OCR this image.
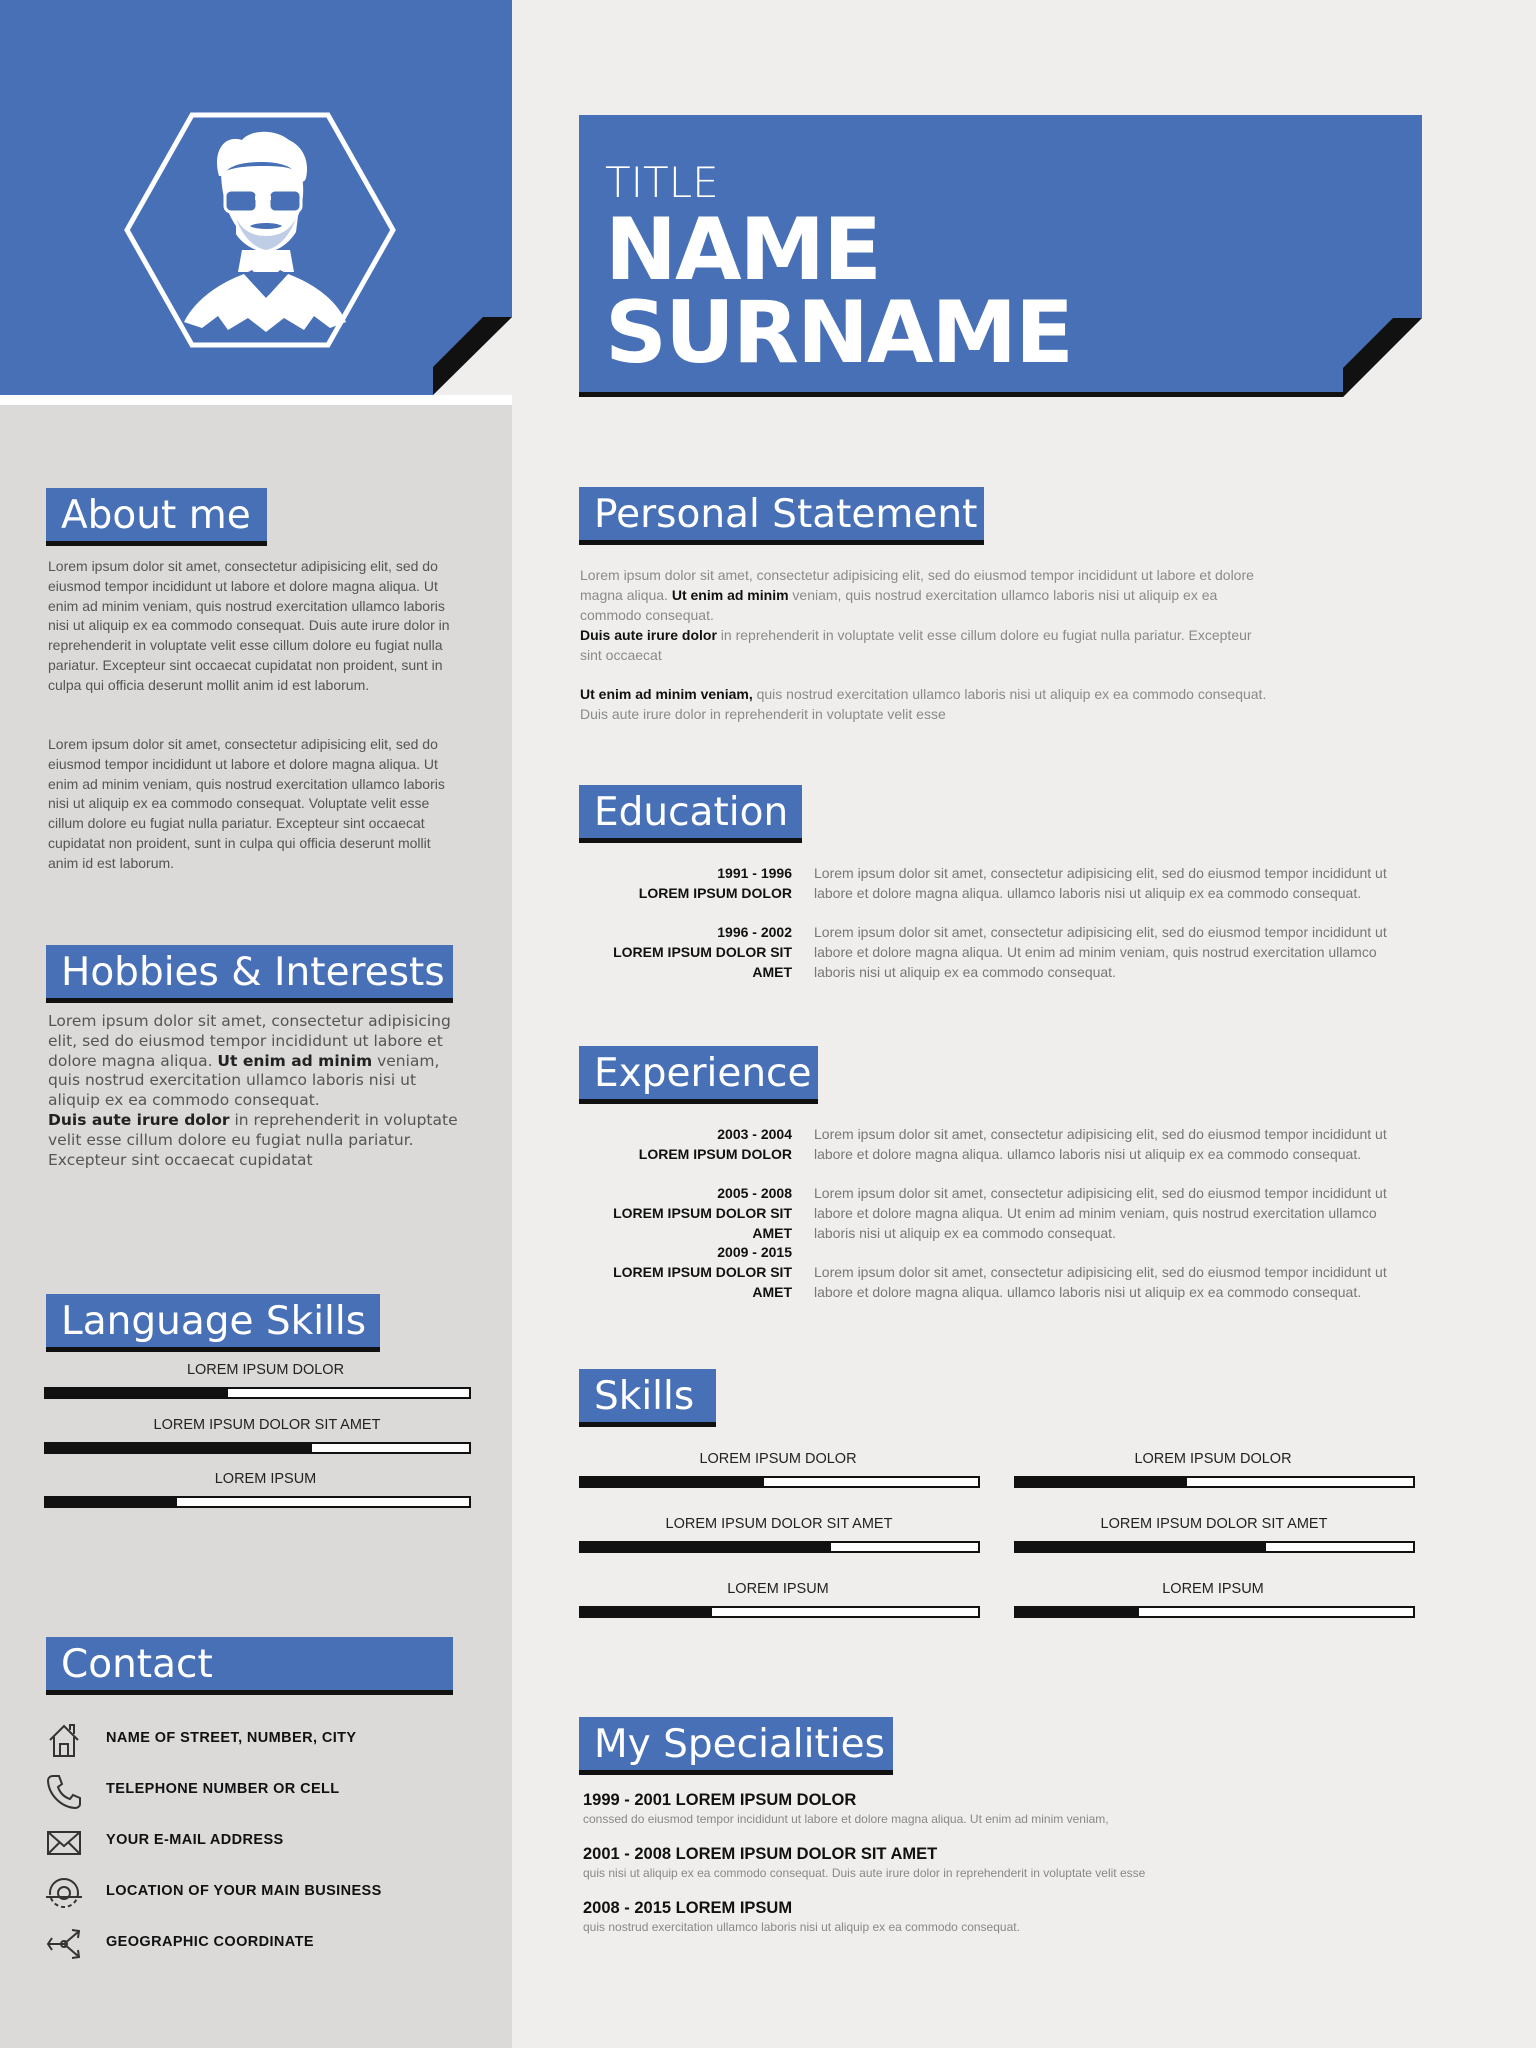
About me
Lorem ipsum dolor sit amet, consectetur adipisicing elit, sed do eiusmod tempor incididunt ut labore et dolore magna aliqua. Ut enim ad minim veniam, quis nostrud exercitation ullamco laboris nisi ut aliquip ex ea commodo consequat. Duis aute irure dolor in reprehenderit in voluptate velit esse cillum dolore eu fugiat nulla pariatur. Excepteur sint occaecat cupidatat non proident, sunt in culpa qui officia deserunt mollit anim id est laborum.
Lorem ipsum dolor sit amet, consectetur adipisicing elit, sed do eiusmod tempor incididunt ut labore et dolore magna aliqua. Ut enim ad minim veniam, quis nostrud exercitation ullamco laboris nisi ut aliquip ex ea commodo consequat. Voluptate velit esse cillum dolore eu fugiat nulla pariatur. Excepteur sint occaecat cupidatat non proident, sunt in culpa qui officia deserunt mollit anim id est laborum.
Hobbies & Interests
Lorem ipsum dolor sit amet, consectetur adipisicing elit, sed do eiusmod tempor incididunt ut labore et dolore magna aliqua. Ut enim ad minim veniam, quis nostrud exercitation ullamco laboris nisi ut aliquip ex ea commodo consequat.
Duis aute irure dolor in reprehenderit in voluptate velit esse cillum dolore eu fugiat nulla pariatur. Excepteur sint occaecat cupidatat
Language Skills
LOREM IPSUM DOLOR
LOREM IPSUM DOLOR SIT AMET
LOREM IPSUM
Contact
NAME OF STREET, NUMBER, CITY
TELEPHONE NUMBER OR CELL
YOUR E-MAIL ADDRESS
LOCATION OF YOUR MAIN BUSINESS
GEOGRAPHIC COORDINATE
TITLE
NAME
SURNAME
Personal Statement
Lorem ipsum dolor sit amet, consectetur adipisicing elit, sed do eiusmod tempor incididunt ut labore et dolore magna aliqua. Ut enim ad minim veniam, quis nostrud exercitation ullamco laboris nisi ut aliquip ex ea commodo consequat.
Duis aute irure dolor in reprehenderit in voluptate velit esse cillum dolore eu fugiat nulla pariatur. Excepteur sint occaecat
Ut enim ad minim veniam, quis nostrud exercitation ullamco laboris nisi ut aliquip ex ea commodo consequat. Duis aute irure dolor in reprehenderit in voluptate velit esse
Education
1991 - 1996
LOREM IPSUM DOLOR
Lorem ipsum dolor sit amet, consectetur adipisicing elit, sed do eiusmod tempor incididunt ut labore et dolore magna aliqua. ullamco laboris nisi ut aliquip ex ea commodo consequat.
1996 - 2002
LOREM IPSUM DOLOR SIT AMET
Lorem ipsum dolor sit amet, consectetur adipisicing elit, sed do eiusmod tempor incididunt ut labore et dolore magna aliqua. Ut enim ad minim veniam, quis nostrud exercitation ullamco laboris nisi ut aliquip ex ea commodo consequat.
Experience
2003 - 2004
LOREM IPSUM DOLOR
Lorem ipsum dolor sit amet, consectetur adipisicing elit, sed do eiusmod tempor incididunt ut labore et dolore magna aliqua. ullamco laboris nisi ut aliquip ex ea commodo consequat.
2005 - 2008
LOREM IPSUM DOLOR SIT AMET
Lorem ipsum dolor sit amet, consectetur adipisicing elit, sed do eiusmod tempor incididunt ut labore et dolore magna aliqua. Ut enim ad minim veniam, quis nostrud exercitation ullamco laboris nisi ut aliquip ex ea commodo consequat.
2009 - 2015
LOREM IPSUM DOLOR SIT AMET
Lorem ipsum dolor sit amet, consectetur adipisicing elit, sed do eiusmod tempor incididunt ut labore et dolore magna aliqua. ullamco laboris nisi ut aliquip ex ea commodo consequat.
Skills
LOREM IPSUM DOLOR
LOREM IPSUM DOLOR SIT AMET
LOREM IPSUM
LOREM IPSUM DOLOR
LOREM IPSUM DOLOR SIT AMET
LOREM IPSUM
My Specialities
1999 - 2001 LOREM IPSUM DOLOR
conssed do eiusmod tempor incididunt ut labore et dolore magna aliqua. Ut enim ad minim veniam,
2001 - 2008 LOREM IPSUM DOLOR SIT AMET
quis nisi ut aliquip ex ea commodo consequat. Duis aute irure dolor in reprehenderit in voluptate velit esse
2008 - 2015 LOREM IPSUM
quis nostrud exercitation ullamco laboris nisi ut aliquip ex ea commodo consequat.
